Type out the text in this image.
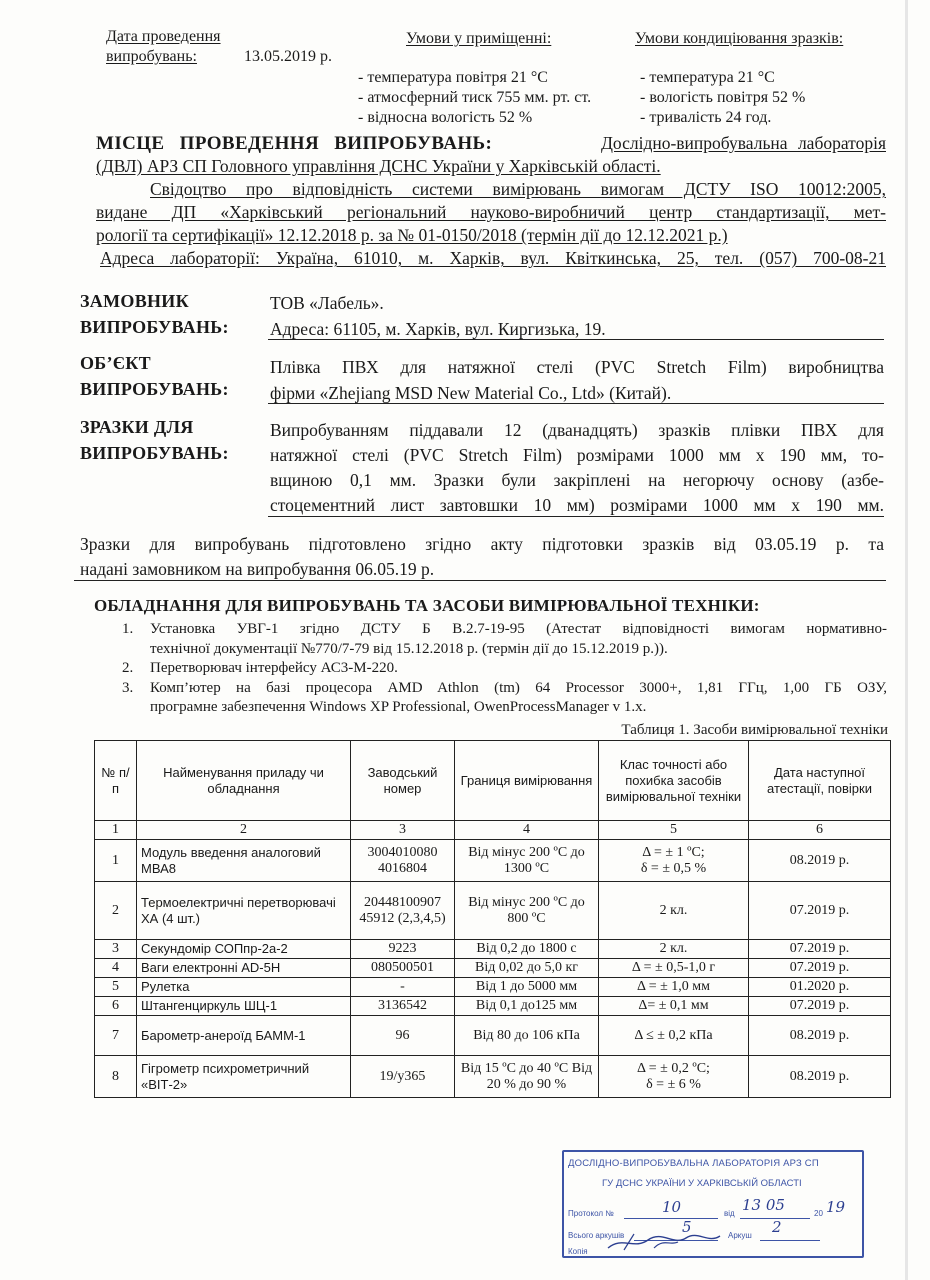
Дата проведення
випробувань:	13.05.2019 р.
Умови у приміщенні:
- температура повітря 21 °С
- атмосферний тиск 755 мм. рт. ст.
- відносна вологість 52 %
Умови кондиціювання зразків:
- температура 21 °С
- вологість повітря 52 %
- тривалість 24 год.
МІСЦЕ ПРОВЕДЕННЯ ВИПРОБУВАНЬ:	Дослідно-випробувальна лабораторія
(ДВЛ) АРЗ СП Головного управління ДСНС України у Харківській області.
Свідоцтво про відповідність системи вимірювань вимогам ДСТУ ISO 10012:2005,
видане ДП «Харківський регіональний науково-виробничий центр стандартизації, мет-
рології та сертифікації» 12.12.2018 р. за № 01-0150/2018 (термін дії до 12.12.2021 р.)
Адреса лабораторії: Україна, 61010, м. Харків, вул. Квіткинська, 25, тел. (057) 700-08-21
ЗАМОВНИК
ВИПРОБУВАНЬ:
ТОВ «Лабель».
Адреса: 61105, м. Харків, вул. Киргизька, 19.
ОБ’ЄКТ
ВИПРОБУВАНЬ:
Плівка ПВХ для натяжної стелі (PVC Stretch Film) виробництва
фірми «Zhejiang MSD New Material Co., Ltd» (Китай).
ЗРАЗКИ ДЛЯ
ВИПРОБУВАНЬ:
Випробуванням піддавали 12 (дванадцять) зразків плівки ПВХ для
натяжної стелі (PVC Stretch Film) розмірами 1000 мм х 190 мм, то-
вщиною 0,1 мм. Зразки були закріплені на негорючу основу (азбе-
стоцементний лист завтовшки 10 мм) розмірами 1000 мм х 190 мм.
Зразки для випробувань підготовлено згідно акту підготовки зразків від 03.05.19 р. та
надані замовником на випробування 06.05.19 р.
ОБЛАДНАННЯ ДЛЯ ВИПРОБУВАНЬ ТА ЗАСОБИ ВИМІРЮВАЛЬНОЇ ТЕХНІКИ:
1.	Установка УВГ-1 згідно ДСТУ Б В.2.7-19-95 (Атестат відповідності вимогам нормативно-
технічної документації №770/7-79 від 15.12.2018 р. (термін дії до 15.12.2019 р.)).
2.	Перетворювач інтерфейсу АС3-М-220.
3.	Комп’ютер на базі процесора AMD Athlon (tm) 64 Processor 3000+, 1,81 ГГц, 1,00 ГБ ОЗУ,
програмне забезпечення Windows XP Professional, OwenProcessManager v 1.x.
Таблиця 1. Засоби вимірювальної техніки
№ п/п	Найменування приладу чи обладнання	Заводський номер	Границя вимірювання	Клас точності або похибка засобів вимірювальної техніки	Дата наступної атестації, повірки
1	2	3	4	5	6
1	Модуль введення аналоговий МВА8	3004010080 4016804	Від мінус 200 ºС до 1300 ºС	Δ = ± 1 ºС;
δ = ± 0,5 %	08.2019 р.
2	Термоелектричні перетворювачі ХА (4 шт.)	20448100907 45912 (2,3,4,5)	Від мінус 200 ºС до 800 ºС	2 кл.	07.2019 р.
3	Секундомір СОПпр-2а-2	9223	Від 0,2 до 1800 с	2 кл.	07.2019 р.
4	Ваги електронні AD-5H	080500501	Від 0,02 до 5,0 кг	Δ = ± 0,5-1,0 г	07.2019 р.
5	Рулетка	-	Від 1 до 5000 мм	Δ = ± 1,0 мм	01.2020 р.
6	Штангенциркуль ШЦ-1	3136542	Від 0,1 до125 мм	Δ= ± 0,1 мм	07.2019 р.
7	Барометр-анероїд БАММ-1	96	Від 80 до 106 кПа	Δ ≤ ± 0,2 кПа	08.2019 р.
8	Гігрометр психрометричний «ВІТ-2»	19/у365	Від 15 ºС до 40 ºС Від 20 % до 90 %	Δ = ± 0,2 ºС;
δ = ± 6 %	08.2019 р.
ДОСЛІДНО-ВИПРОБУВАЛЬНА ЛАБОРАТОРІЯ АРЗ СП
ГУ ДСНС УКРАЇНИ У ХАРКІВСЬКІЙ ОБЛАСТІ
Протокол №	10	від 13 05	20 19
Всього аркушів	5	Аркуш 2
Копія
